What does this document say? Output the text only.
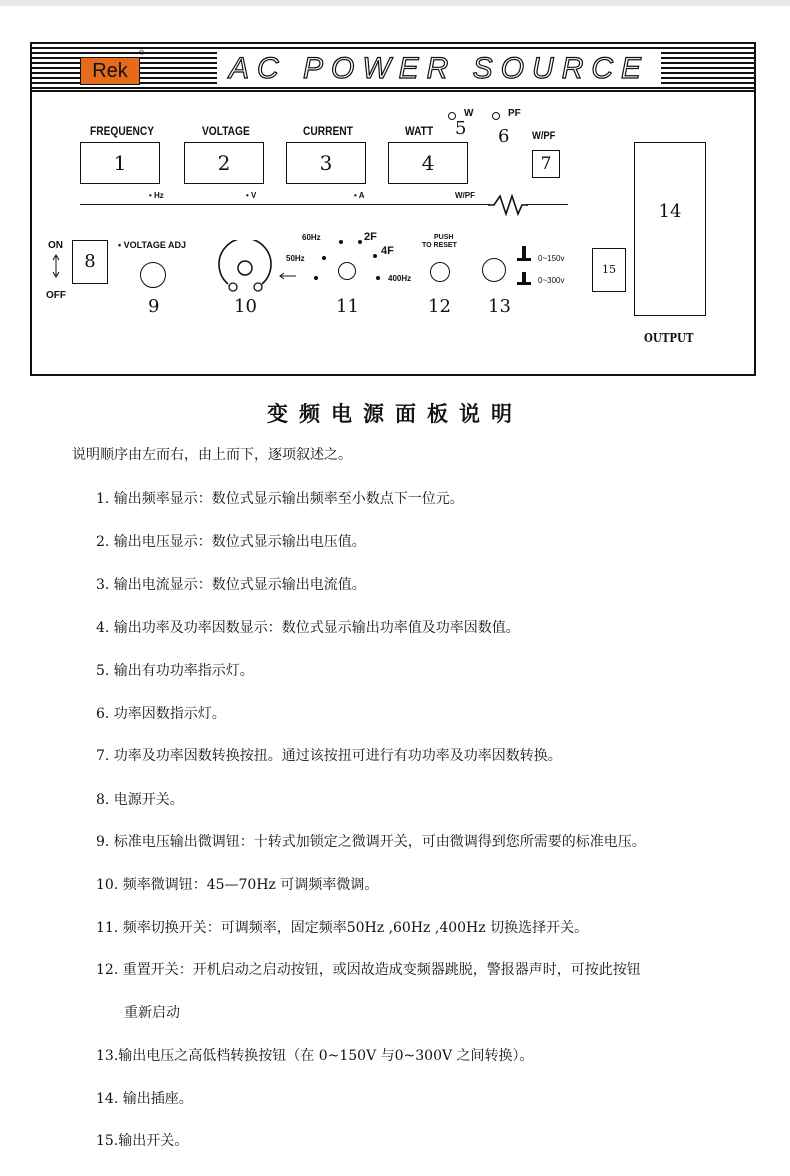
Rek
®	AC POWER SOURCE
FREQUENCY	VOLTAGE	CURRENT	WATT
1	2	3	4
• Hz	• V	• A	W/PF
W
5
PF
6 W/PF
7
14
OUTPUT
ON
OFF
8
• VOLTAGE ADJ
9	10
60Hz
50Hz
2F
4F
400Hz
11
PUSH
TO RESET
12 13
0~150v
0~300v
15
变频电源面板说明
说明顺序由左而右，由上而下，逐项叙述之。
1. 输出频率显示：数位式显示输出频率至小数点下一位元。
2. 输出电压显示：数位式显示输出电压值。
3. 输出电流显示：数位式显示输出电流值。
4. 输出功率及功率因数显示：数位式显示输出功率值及功率因数值。
5. 输出有功功率指示灯。
6. 功率因数指示灯。
7. 功率及功率因数转换按扭。通过该按扭可进行有功功率及功率因数转换。
8. 电源开关。
9. 标准电压输出微调钮：十转式加锁定之微调开关，可由微调得到您所需要的标准电压。
10. 频率微调钮：45—70Hz 可调频率微调。
11. 频率切换开关：可调频率，固定频率50Hz ,60Hz ,400Hz 切换选择开关。
12. 重置开关：开机启动之启动按钮，或因故造成变频器跳脱，警报器声时，可按此按钮
重新启动
13.输出电压之高低档转换按钮（在 0~150V 与0~300V 之间转换）。
14. 输出插座。
15.输出开关。
